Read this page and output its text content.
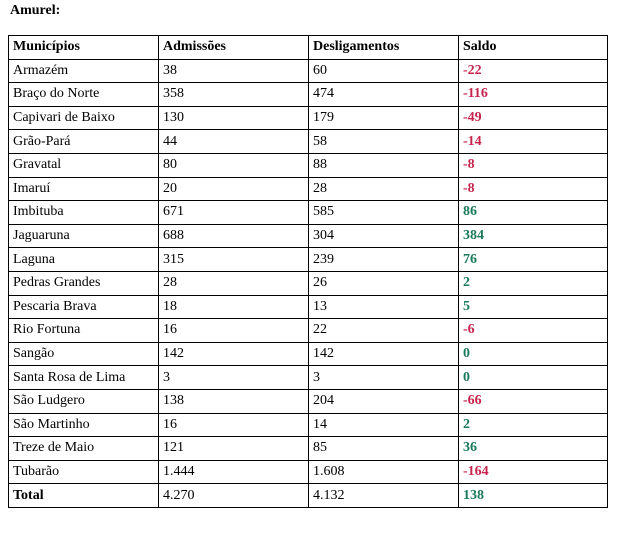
Amurel:
Municípios	Admissões	Desligamentos	Saldo
Armazém	38	60	-22
Braço do Norte	358	474	-116
Capivari de Baixo	130	179	-49
Grão-Pará	44	58	-14
Gravatal	80	88	-8
Imaruí	20	28	-8
Imbituba	671	585	86
Jaguaruna	688	304	384
Laguna	315	239	76
Pedras Grandes	28	26	2
Pescaria Brava	18	13	5
Rio Fortuna	16	22	-6
Sangão	142	142	0
Santa Rosa de Lima	3	3	0
São Ludgero	138	204	-66
São Martinho	16	14	2
Treze de Maio	121	85	36
Tubarão	1.444	1.608	-164
Total	4.270	4.132	138
